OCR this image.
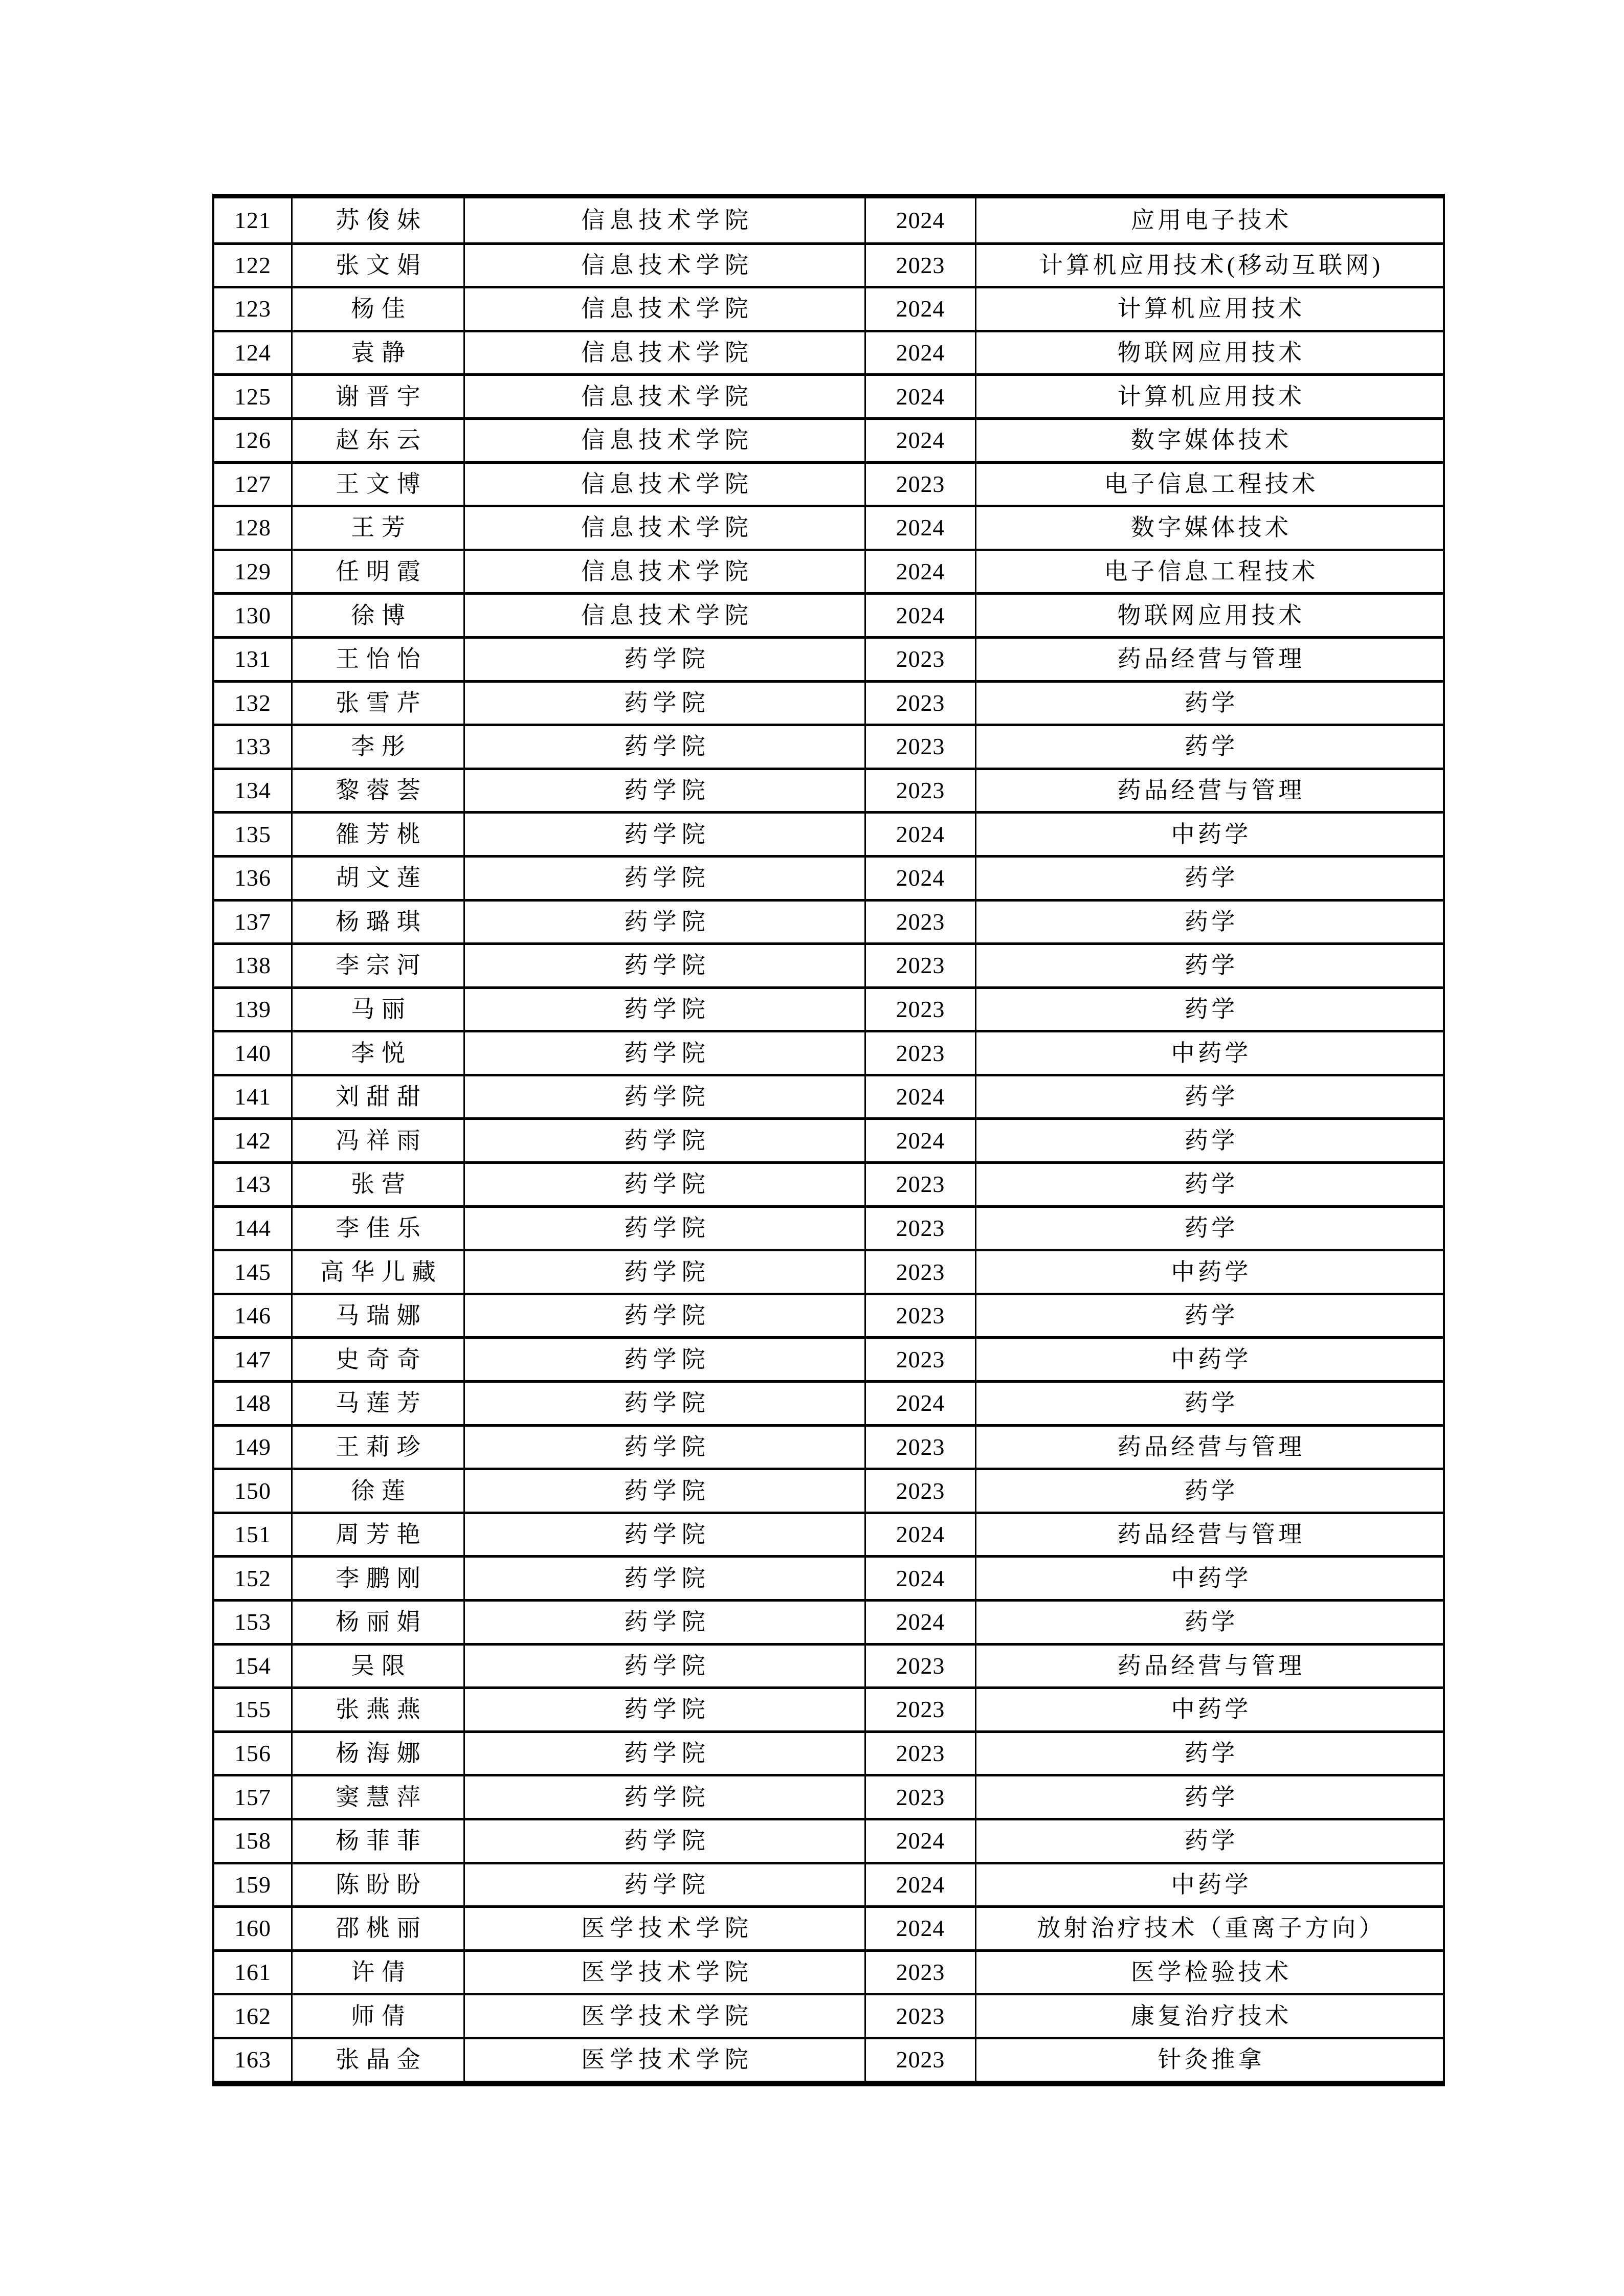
121	苏俊妹	信息技术学院	2024	应用电子技术
122	张文娟	信息技术学院	2023	计算机应用技术(移动互联网)
123	杨佳	信息技术学院	2024	计算机应用技术
124	袁静	信息技术学院	2024	物联网应用技术
125	谢晋宇	信息技术学院	2024	计算机应用技术
126	赵东云	信息技术学院	2024	数字媒体技术
127	王文博	信息技术学院	2023	电子信息工程技术
128	王芳	信息技术学院	2024	数字媒体技术
129	任明霞	信息技术学院	2024	电子信息工程技术
130	徐博	信息技术学院	2024	物联网应用技术
131	王怡怡	药学院	2023	药品经营与管理
132	张雪芹	药学院	2023	药学
133	李彤	药学院	2023	药学
134	黎蓉荟	药学院	2023	药品经营与管理
135	雒芳桃	药学院	2024	中药学
136	胡文莲	药学院	2024	药学
137	杨璐琪	药学院	2023	药学
138	李宗河	药学院	2023	药学
139	马丽	药学院	2023	药学
140	李悦	药学院	2023	中药学
141	刘甜甜	药学院	2024	药学
142	冯祥雨	药学院	2024	药学
143	张营	药学院	2023	药学
144	李佳乐	药学院	2023	药学
145	高华儿藏	药学院	2023	中药学
146	马瑞娜	药学院	2023	药学
147	史奇奇	药学院	2023	中药学
148	马莲芳	药学院	2024	药学
149	王莉珍	药学院	2023	药品经营与管理
150	徐莲	药学院	2023	药学
151	周芳艳	药学院	2024	药品经营与管理
152	李鹏刚	药学院	2024	中药学
153	杨丽娟	药学院	2024	药学
154	吴限	药学院	2023	药品经营与管理
155	张燕燕	药学院	2023	中药学
156	杨海娜	药学院	2023	药学
157	窦慧萍	药学院	2023	药学
158	杨菲菲	药学院	2024	药学
159	陈盼盼	药学院	2024	中药学
160	邵桃丽	医学技术学院	2024	放射治疗技术（重离子方向）
161	许倩	医学技术学院	2023	医学检验技术
162	师倩	医学技术学院	2023	康复治疗技术
163	张晶金	医学技术学院	2023	针灸推拿
